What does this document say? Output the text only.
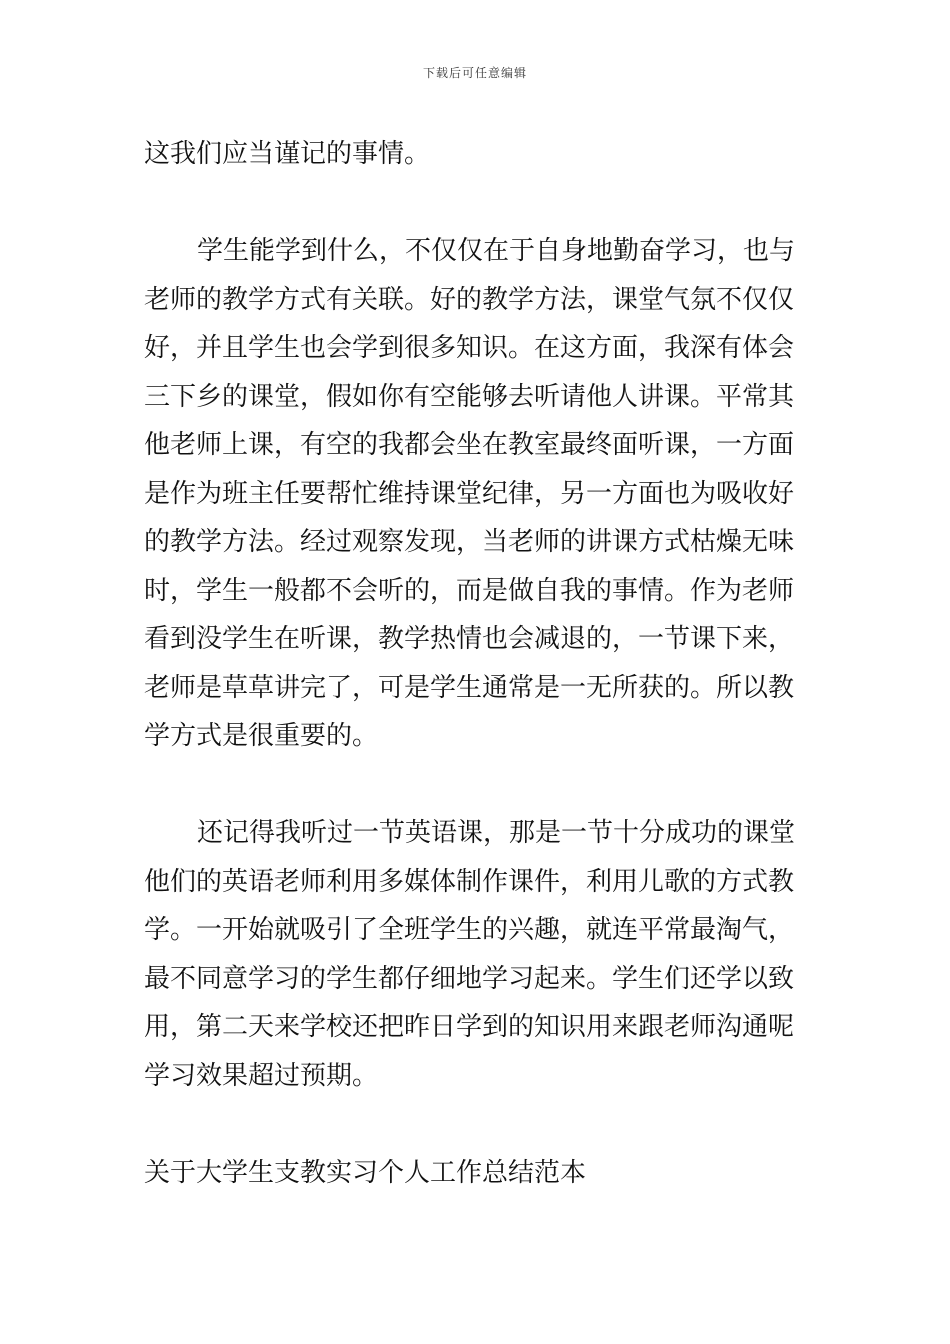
下载后可任意编辑
这我们应当谨记的事情。
学生能学到什么，不仅仅在于自身地勤奋学习，也与
老师的教学方式有关联。好的教学方法，课堂气氛不仅仅
好，并且学生也会学到很多知识。在这方面，我深有体会
三下乡的课堂，假如你有空能够去听请他人讲课。平常其
他老师上课，有空的我都会坐在教室最终面听课，一方面
是作为班主任要帮忙维持课堂纪律，另一方面也为吸收好
的教学方法。经过观察发现，当老师的讲课方式枯燥无味
时，学生一般都不会听的，而是做自我的事情。作为老师
看到没学生在听课，教学热情也会减退的，一节课下来，
老师是草草讲完了，可是学生通常是一无所获的。所以教
学方式是很重要的。
还记得我听过一节英语课，那是一节十分成功的课堂
他们的英语老师利用多媒体制作课件，利用儿歌的方式教
学。一开始就吸引了全班学生的兴趣，就连平常最淘气，
最不同意学习的学生都仔细地学习起来。学生们还学以致
用，第二天来学校还把昨日学到的知识用来跟老师沟通呢
学习效果超过预期。
关于大学生支教实习个人工作总结范本
